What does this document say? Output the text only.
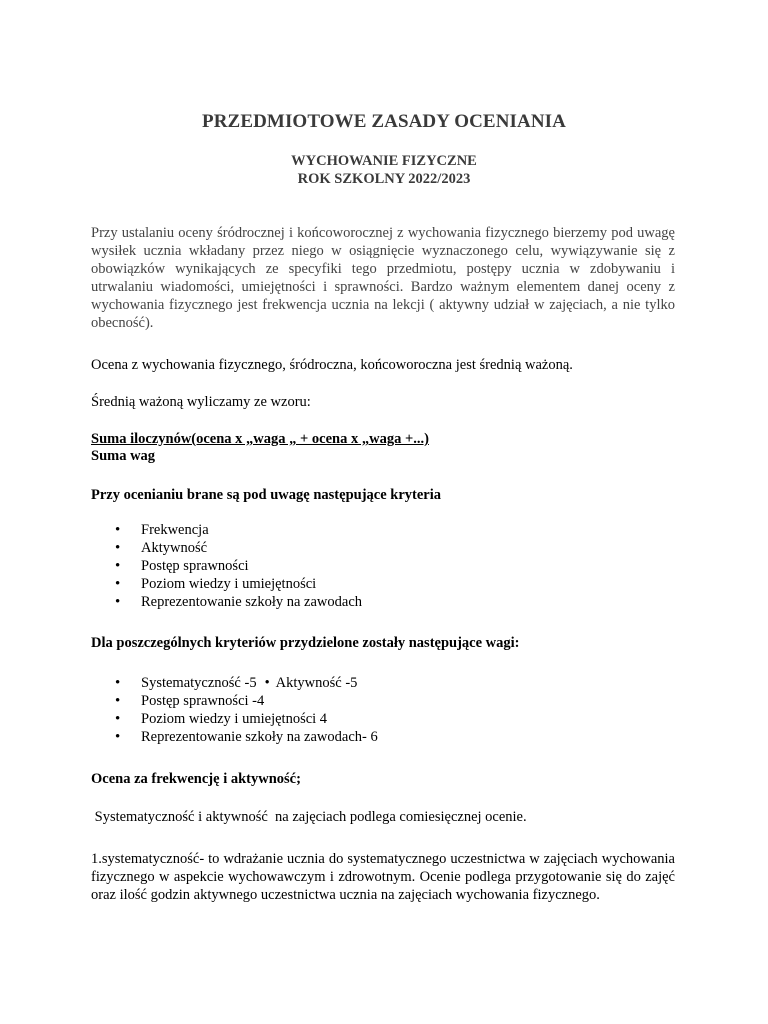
PRZEDMIOTOWE ZASADY OCENIANIA
WYCHOWANIE FIZYCZNE
ROK SZKOLNY 2022/2023

Przy ustalaniu oceny śródrocznej i końcoworocznej z wychowania fizycznego bierzemy pod uwagę wysiłek ucznia wkładany przez niego w osiągnięcie wyznaczonego celu, wywiązywanie się z obowiązków wynikających ze specyfiki tego przedmiotu, postępy ucznia w zdobywaniu i utrwalaniu wiadomości, umiejętności i sprawności. Bardzo ważnym elementem danej oceny z wychowania fizycznego jest frekwencja ucznia na lekcji ( aktywny udział w zajęciach, a nie tylko obecność).

Ocena z wychowania fizycznego, śródroczna, końcoworoczna jest średnią ważoną.

Średnią ważoną wyliczamy ze wzoru:

Suma iloczynów(ocena x „waga „ + ocena x „waga +...)

Suma wag

Przy ocenianiu brane są pod uwagę następujące kryteria

• Frekwencja
• Aktywność
• Postęp sprawności
• Poziom wiedzy i umiejętności
• Reprezentowanie szkoły na zawodach

Dla poszczególnych kryteriów przydzielone zostały następujące wagi:

• Systematyczność -5 • Aktywność -5
• Postęp sprawności -4
• Poziom wiedzy i umiejętności 4
• Reprezentowanie szkoły na zawodach- 6

Ocena za frekwencję i aktywność;

Systematyczność i aktywność  na zajęciach podlega comiesięcznej ocenie.

1.systematyczność- to wdrażanie ucznia do systematycznego uczestnictwa w zajęciach wychowania fizycznego w aspekcie wychowawczym i zdrowotnym. Ocenie podlega przygotowanie się do zajęć oraz ilość godzin aktywnego uczestnictwa ucznia na zajęciach wychowania fizycznego.
